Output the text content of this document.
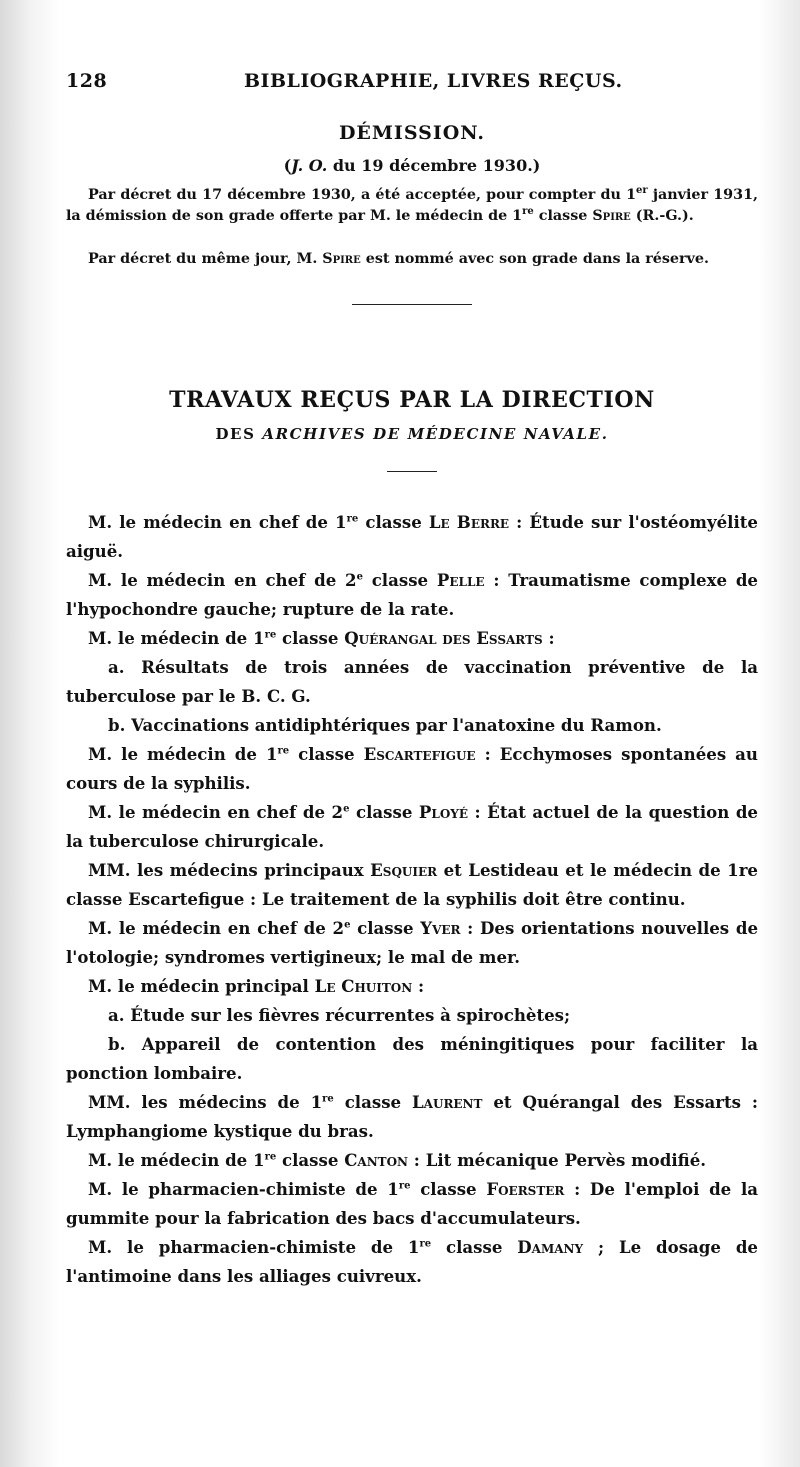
128	BIBLIOGRAPHIE, LIVRES REÇUS.
DÉMISSION.
(J. O. du 19 décembre 1930.)

Par décret du 17 décembre 1930, a été acceptée, pour compter du 1er janvier 1931, la démission de son grade offerte par M. le médecin de 1re classe Spire (R.-G.).

Par décret du même jour, M. Spire est nommé avec son grade dans la réserve.

TRAVAUX REÇUS PAR LA DIRECTION
DES ARCHIVES DE MÉDECINE NAVALE.

M. le médecin en chef de 1re classe Le Berre : Étude sur l'ostéomyélite aiguë.

M. le médecin en chef de 2e classe Pelle : Traumatisme complexe de l'hypochondre gauche; rupture de la rate.

M. le médecin de 1re classe Quérangal des Essarts :

a. Résultats de trois années de vaccination préventive de la tuberculose par le B. C. G.

b. Vaccinations antidiphtériques par l'anatoxine du Ramon.

M. le médecin de 1re classe Escartefigue : Ecchymoses spontanées au cours de la syphilis.

M. le médecin en chef de 2e classe Ployé : État actuel de la question de la tuberculose chirurgicale.

MM. les médecins principaux Esquier et Lestideau et le médecin de 1re classe Escartefigue : Le traitement de la syphilis doit être continu.

M. le médecin en chef de 2e classe Yver : Des orientations nouvelles de l'otologie; syndromes vertigineux; le mal de mer.

M. le médecin principal Le Chuiton :

a. Étude sur les fièvres récurrentes à spirochètes;

b. Appareil de contention des méningitiques pour faciliter la ponction lombaire.

MM. les médecins de 1re classe Laurent et Quérangal des Essarts : Lymphangiome kystique du bras.

M. le médecin de 1re classe Canton : Lit mécanique Pervès modifié.

M. le pharmacien-chimiste de 1re classe Foerster : De l'emploi de la gummite pour la fabrication des bacs d'accumulateurs.

M. le pharmacien-chimiste de 1re classe Damany ; Le dosage de l'antimoine dans les alliages cuivreux.
